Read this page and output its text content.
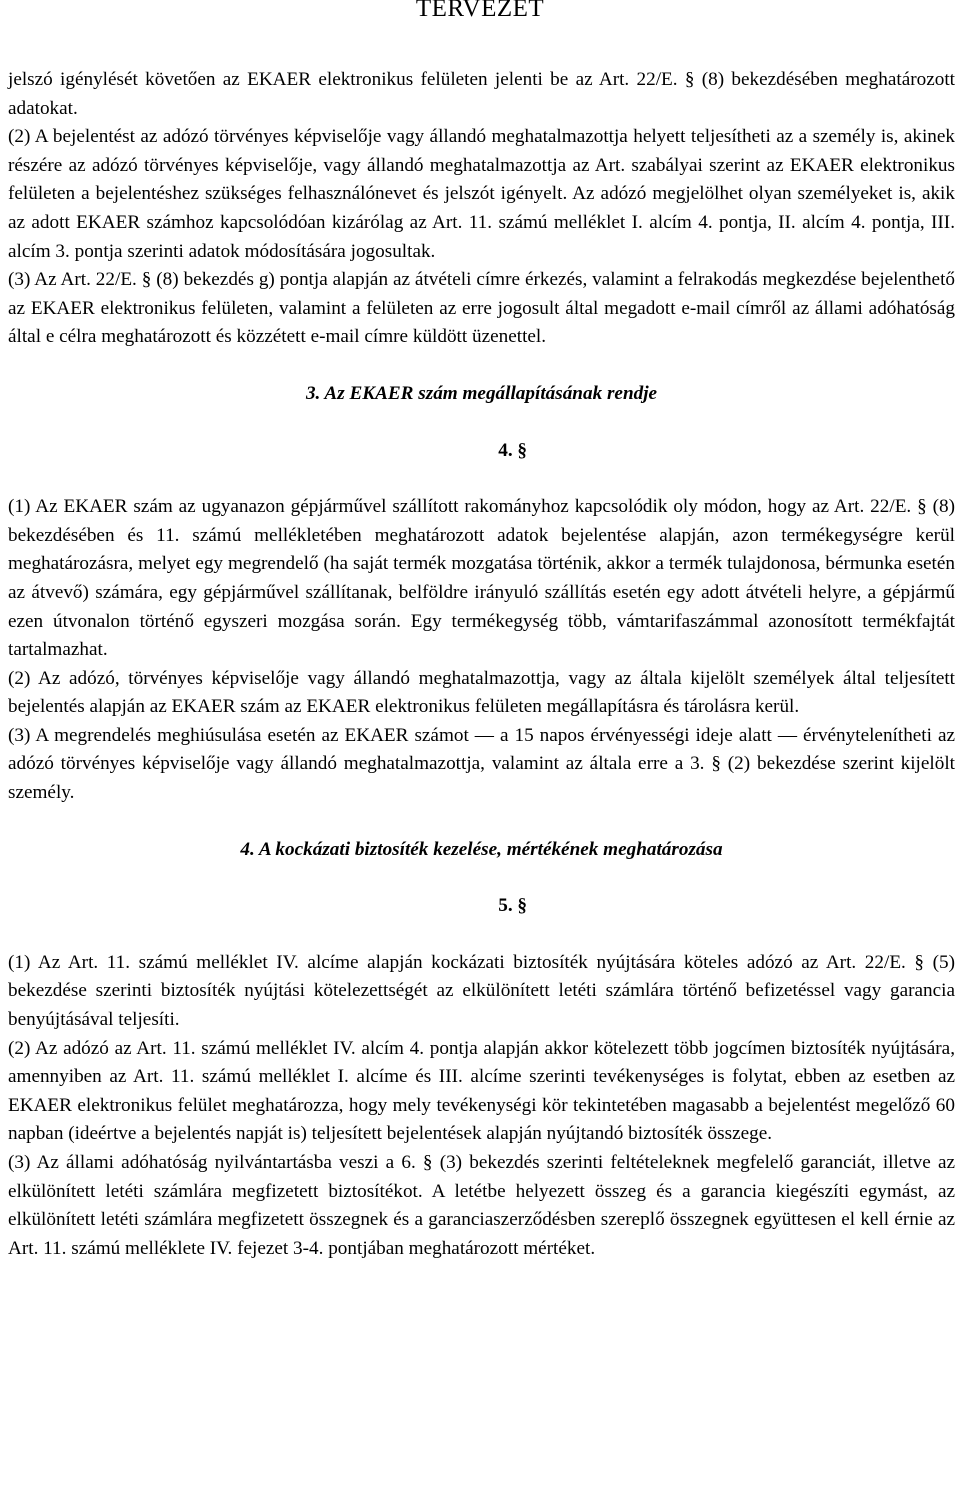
TERVEZET

jelszó igénylését követően az EKAER elektronikus felületen jelenti be az Art. 22/E. § (8) bekezdésében meghatározott adatokat.

(2) A bejelentést az adózó törvényes képviselője vagy állandó meghatalmazottja helyett teljesítheti az a személy is, akinek részére az adózó törvényes képviselője, vagy állandó meghatalmazottja az Art. szabályai szerint az EKAER elektronikus felületen a bejelentéshez szükséges felhasználónevet és jelszót igényelt. Az adózó megjelölhet olyan személyeket is, akik az adott EKAER számhoz kapcsolódóan kizárólag az Art. 11. számú melléklet I. alcím 4. pontja, II. alcím 4. pontja, III. alcím 3. pontja szerinti adatok módosítására jogosultak.

(3) Az Art. 22/E. § (8) bekezdés g) pontja alapján az átvételi címre érkezés, valamint a felrakodás megkezdése bejelenthető az EKAER elektronikus felületen, valamint a felületen az erre jogosult által megadott e-mail címről az állami adóhatóság által e célra meghatározott és közzétett e-mail címre küldött üzenettel.

3. Az EKAER szám megállapításának rendje

4. §

(1) Az EKAER szám az ugyanazon gépjárművel szállított rakományhoz kapcsolódik oly módon, hogy az Art. 22/E. § (8) bekezdésében és 11. számú mellékletében meghatározott adatok bejelentése alapján, azon termékegységre kerül meghatározásra, melyet egy megrendelő (ha saját termék mozgatása történik, akkor a termék tulajdonosa, bérmunka esetén az átvevő) számára, egy gépjárművel szállítanak, belföldre irányuló szállítás esetén egy adott átvételi helyre, a gépjármű ezen útvonalon történő egyszeri mozgása során. Egy termékegység több, vámtarifaszámmal azonosított termékfajtát tartalmazhat.

(2) Az adózó, törvényes képviselője vagy állandó meghatalmazottja, vagy az általa kijelölt személyek által teljesített bejelentés alapján az EKAER szám az EKAER elektronikus felületen megállapításra és tárolásra kerül.

(3) A megrendelés meghiúsulása esetén az EKAER számot — a 15 napos érvényességi ideje alatt — érvénytelenítheti az adózó törvényes képviselője vagy állandó meghatalmazottja, valamint az általa erre a 3. § (2) bekezdése szerint kijelölt személy.

4. A kockázati biztosíték kezelése, mértékének meghatározása

5. §

(1) Az Art. 11. számú melléklet IV. alcíme alapján kockázati biztosíték nyújtására köteles adózó az Art. 22/E. § (5) bekezdése szerinti biztosíték nyújtási kötelezettségét az elkülönített letéti számlára történő befizetéssel vagy garancia benyújtásával teljesíti.

(2) Az adózó az Art. 11. számú melléklet IV. alcím 4. pontja alapján akkor kötelezett több jogcímen biztosíték nyújtására, amennyiben az Art. 11. számú melléklet I. alcíme és III. alcíme szerinti tevékenységes is folytat, ebben az esetben az EKAER elektronikus felület meghatározza, hogy mely tevékenységi kör tekintetében magasabb a bejelentést megelőző 60 napban (ideértve a bejelentés napját is) teljesített bejelentések alapján nyújtandó biztosíték összege.

(3) Az állami adóhatóság nyilvántartásba veszi a 6. § (3) bekezdés szerinti feltételeknek megfelelő garanciát, illetve az elkülönített letéti számlára megfizetett biztosítékot. A letétbe helyezett összeg és a garancia kiegészíti egymást, az elkülönített letéti számlára megfizetett összegnek és a garanciaszerződésben szereplő összegnek együttesen el kell érnie az Art. 11. számú melléklete IV. fejezet 3-4. pontjában meghatározott mértéket.
